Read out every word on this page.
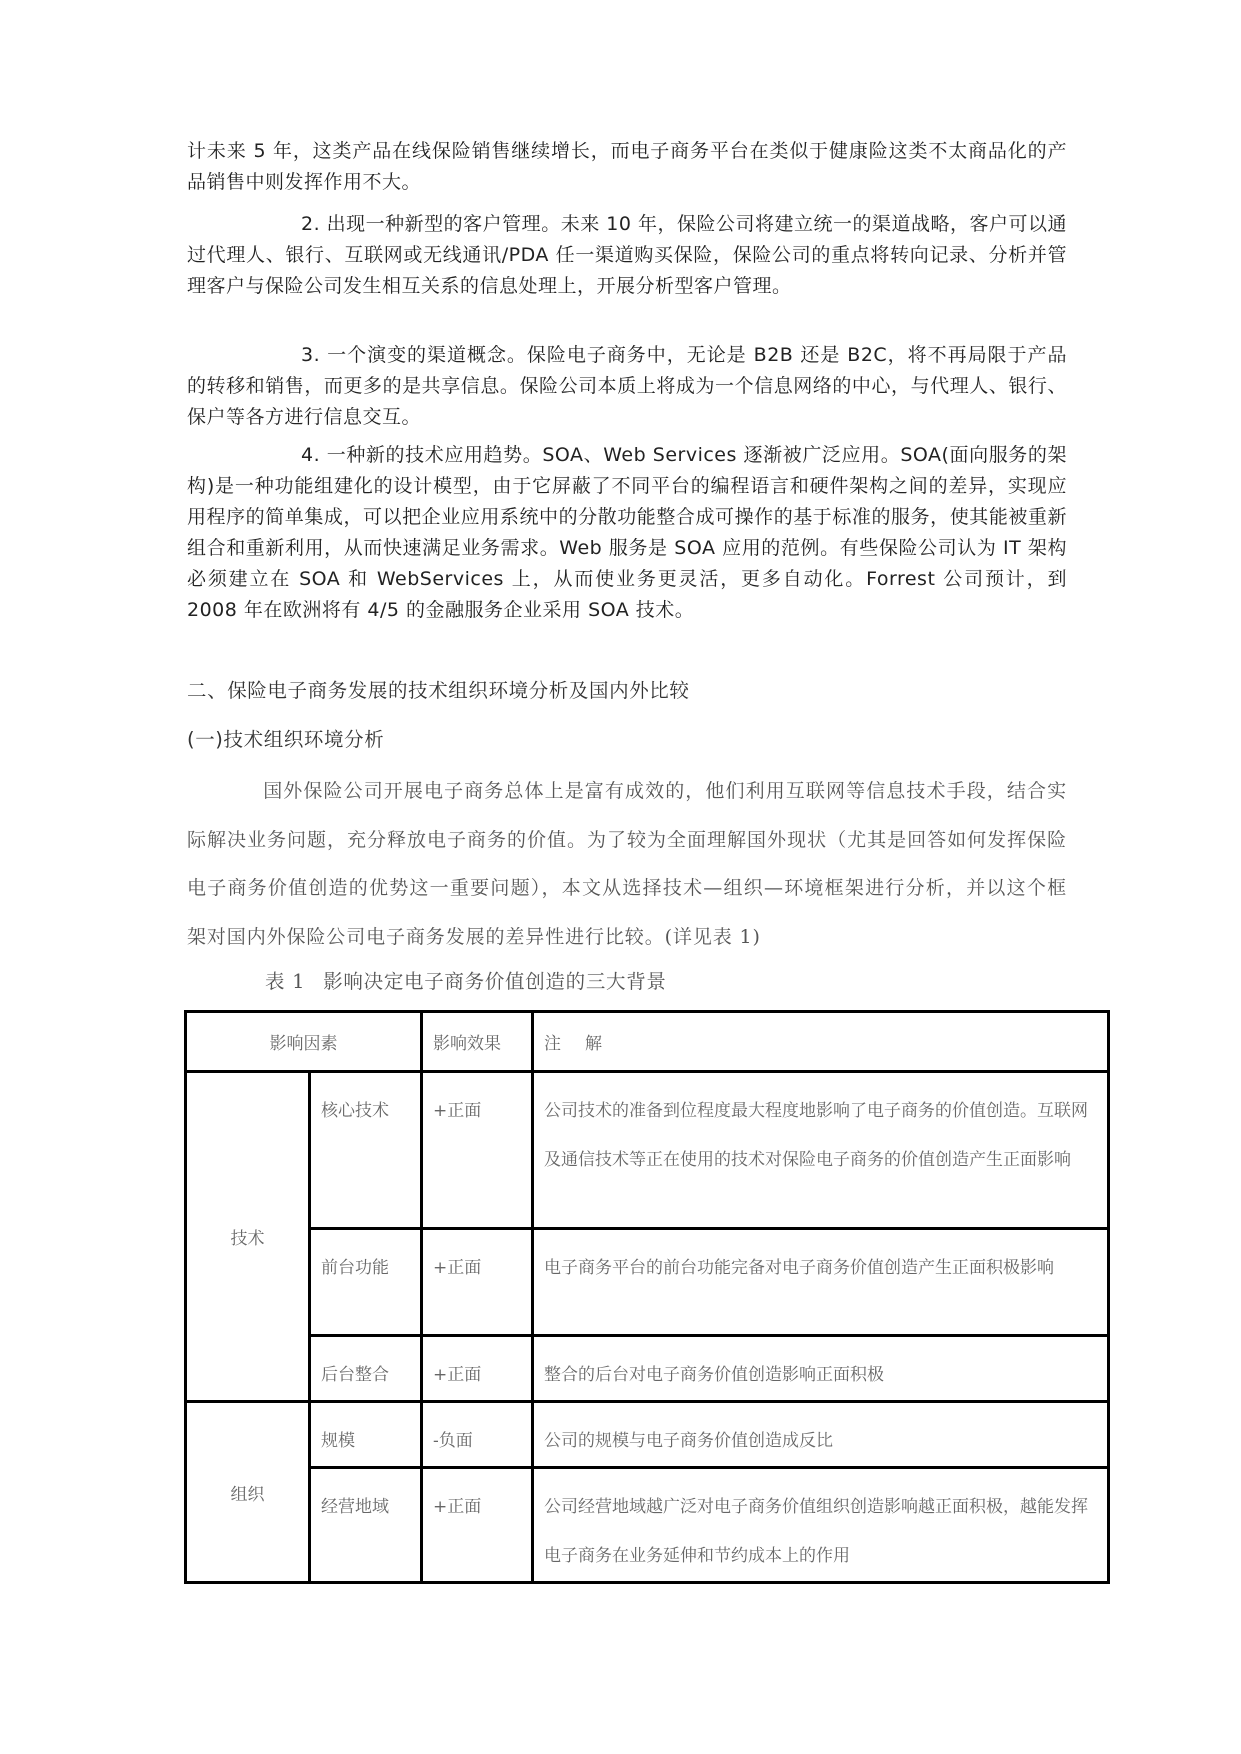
计未来 5 年，这类产品在线保险销售继续增长，而电子商务平台在类似于健康险这类不太商品化的产品销售中则发挥作用不大。

2. 出现一种新型的客户管理。未来 10 年，保险公司将建立统一的渠道战略，客户可以通过代理人、银行、互联网或无线通讯/PDA 任一渠道购买保险，保险公司的重点将转向记录、分析并管理客户与保险公司发生相互关系的信息处理上，开展分析型客户管理。

3. 一个演变的渠道概念。保险电子商务中，无论是 B2B 还是 B2C，将不再局限于产品的转移和销售，而更多的是共享信息。保险公司本质上将成为一个信息网络的中心，与代理人、银行、保户等各方进行信息交互。

4. 一种新的技术应用趋势。SOA、Web Services 逐渐被广泛应用。SOA(面向服务的架构)是一种功能组建化的设计模型，由于它屏蔽了不同平台的编程语言和硬件架构之间的差异，实现应用程序的简单集成，可以把企业应用系统中的分散功能整合成可操作的基于标准的服务，使其能被重新组合和重新利用，从而快速满足业务需求。Web 服务是 SOA 应用的范例。有些保险公司认为 IT 架构必须建立在 SOA 和 WebServices 上，从而使业务更灵活，更多自动化。Forrest 公司预计，到 2008 年在欧洲将有 4/5 的金融服务企业采用 SOA 技术。

二、保险电子商务发展的技术组织环境分析及国内外比较
(一)技术组织环境分析

国外保险公司开展电子商务总体上是富有成效的，他们利用互联网等信息技术手段，结合实际解决业务问题，充分释放电子商务的价值。为了较为全面理解国外现状（尤其是回答如何发挥保险电子商务价值创造的优势这一重要问题），本文从选择技术—组织—环境框架进行分析，并以这个框架对国内外保险公司电子商务发展的差异性进行比较。(详见表 1)

表 1 影响决定电子商务价值创造的三大背景
影响因素		影响效果	注 解

技术	核心技术	+正面	公司技术的准备到位程度最大程度地影响了电子商务的价值创造。互联网及通信技术等正在使用的技术对保险电子商务的价值创造产生正面影响

	前台功能	+正面	电子商务平台的前台功能完备对电子商务价值创造产生正面积极影响

	后台整合	+正面	整合的后台对电子商务价值创造影响正面积极

组织	规模	-负面	公司的规模与电子商务价值创造成反比

	经营地域	+正面	公司经营地域越广泛对电子商务价值组织创造影响越正面积极，越能发挥电子商务在业务延伸和节约成本上的作用
